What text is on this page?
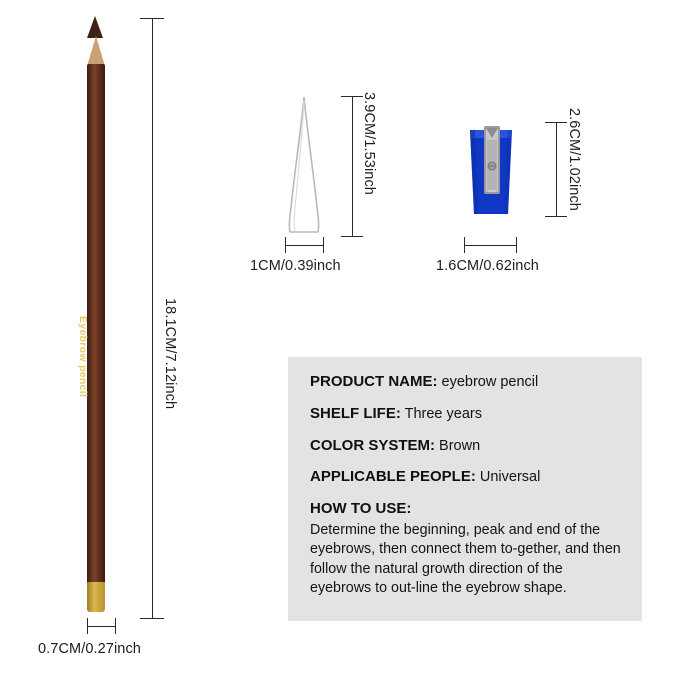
Eyebrow pencil	18.1CM/7.12inch
0.7CM/0.27inch
3.9CM/1.53inch
1CM/0.39inch
2.6CM/1.02inch
1.6CM/0.62inch
PRODUCT NAME: eyebrow pencil
SHELF LIFE: Three years
COLOR SYSTEM: Brown
APPLICABLE PEOPLE: Universal
HOW TO USE:
Determine the beginning, peak and end of the eyebrows, then connect them to-gether, and then follow the natural growth direction of the eyebrows to out-line the eyebrow shape.
